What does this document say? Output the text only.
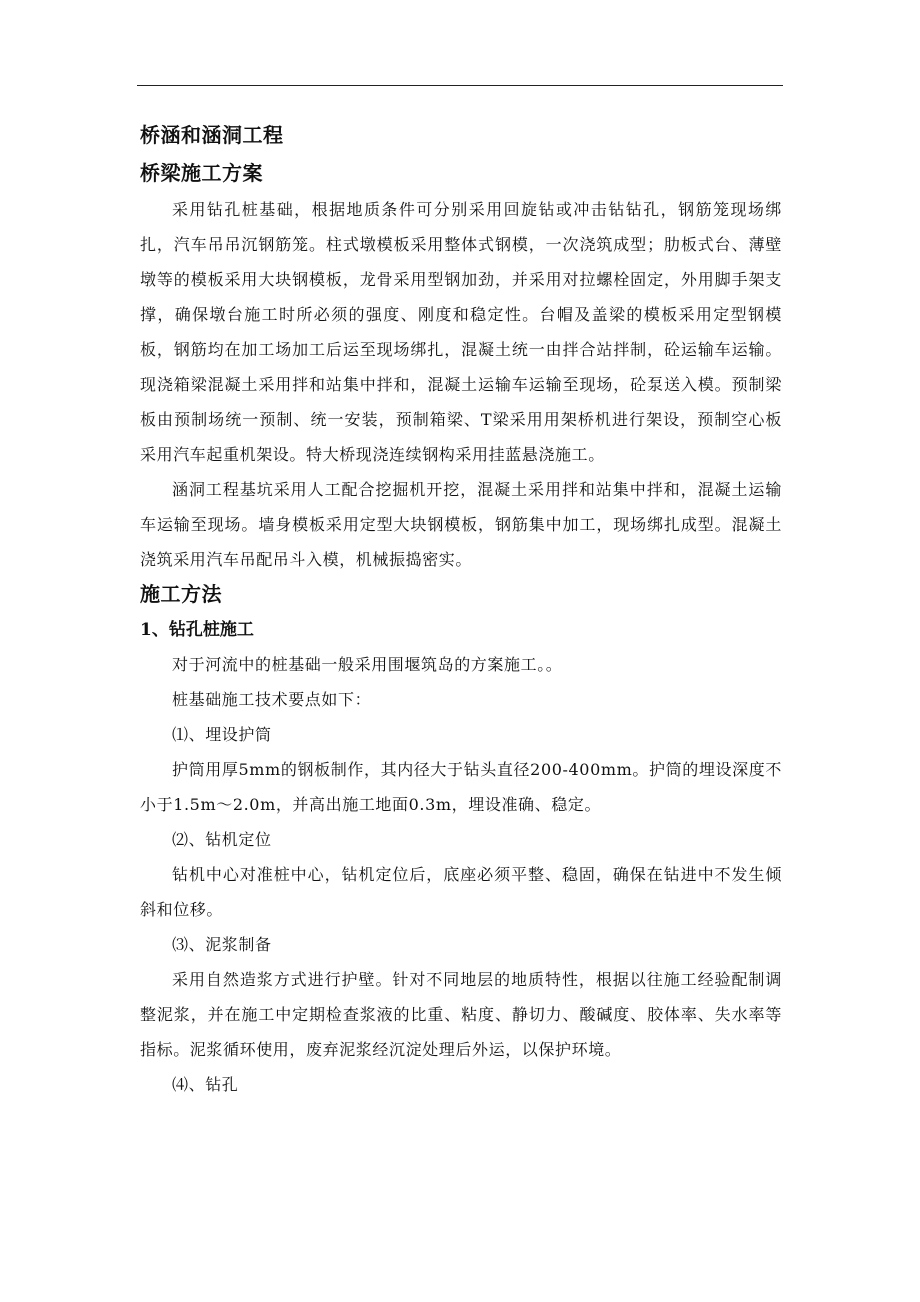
桥涵和涵洞工程
桥梁施工方案

采用钻孔桩基础，根据地质条件可分别采用回旋钻或冲击钻钻孔，钢筋笼现场绑扎，汽车吊吊沉钢筋笼。柱式墩模板采用整体式钢模，一次浇筑成型；肋板式台、薄壁墩等的模板采用大块钢模板，龙骨采用型钢加劲，并采用对拉螺栓固定，外用脚手架支撑，确保墩台施工时所必须的强度、刚度和稳定性。台帽及盖梁的模板采用定型钢模板，钢筋均在加工场加工后运至现场绑扎，混凝土统一由拌合站拌制，砼运输车运输。现浇箱梁混凝土采用拌和站集中拌和，混凝土运输车运输至现场，砼泵送入模。预制梁板由预制场统一预制、统一安装，预制箱梁、T梁采用用架桥机进行架设，预制空心板采用汽车起重机架设。特大桥现浇连续钢构采用挂蓝悬浇施工。

涵洞工程基坑采用人工配合挖掘机开挖，混凝土采用拌和站集中拌和，混凝土运输车运输至现场。墙身模板采用定型大块钢模板，钢筋集中加工，现场绑扎成型。混凝土浇筑采用汽车吊配吊斗入模，机械振捣密实。

施工方法
1、钻孔桩施工

对于河流中的桩基础一般采用围堰筑岛的方案施工。。

桩基础施工技术要点如下：

⑴、埋设护筒

护筒用厚5mm的钢板制作，其内径大于钻头直径200-400mm。护筒的埋设深度不小于1.5m～2.0m，并高出施工地面0.3m，埋设准确、稳定。

⑵、钻机定位

钻机中心对准桩中心，钻机定位后，底座必须平整、稳固，确保在钻进中不发生倾斜和位移。

⑶、泥浆制备

采用自然造浆方式进行护壁。针对不同地层的地质特性，根据以往施工经验配制调整泥浆，并在施工中定期检查浆液的比重、粘度、静切力、酸碱度、胶体率、失水率等指标。泥浆循环使用，废弃泥浆经沉淀处理后外运，以保护环境。

⑷、钻孔
